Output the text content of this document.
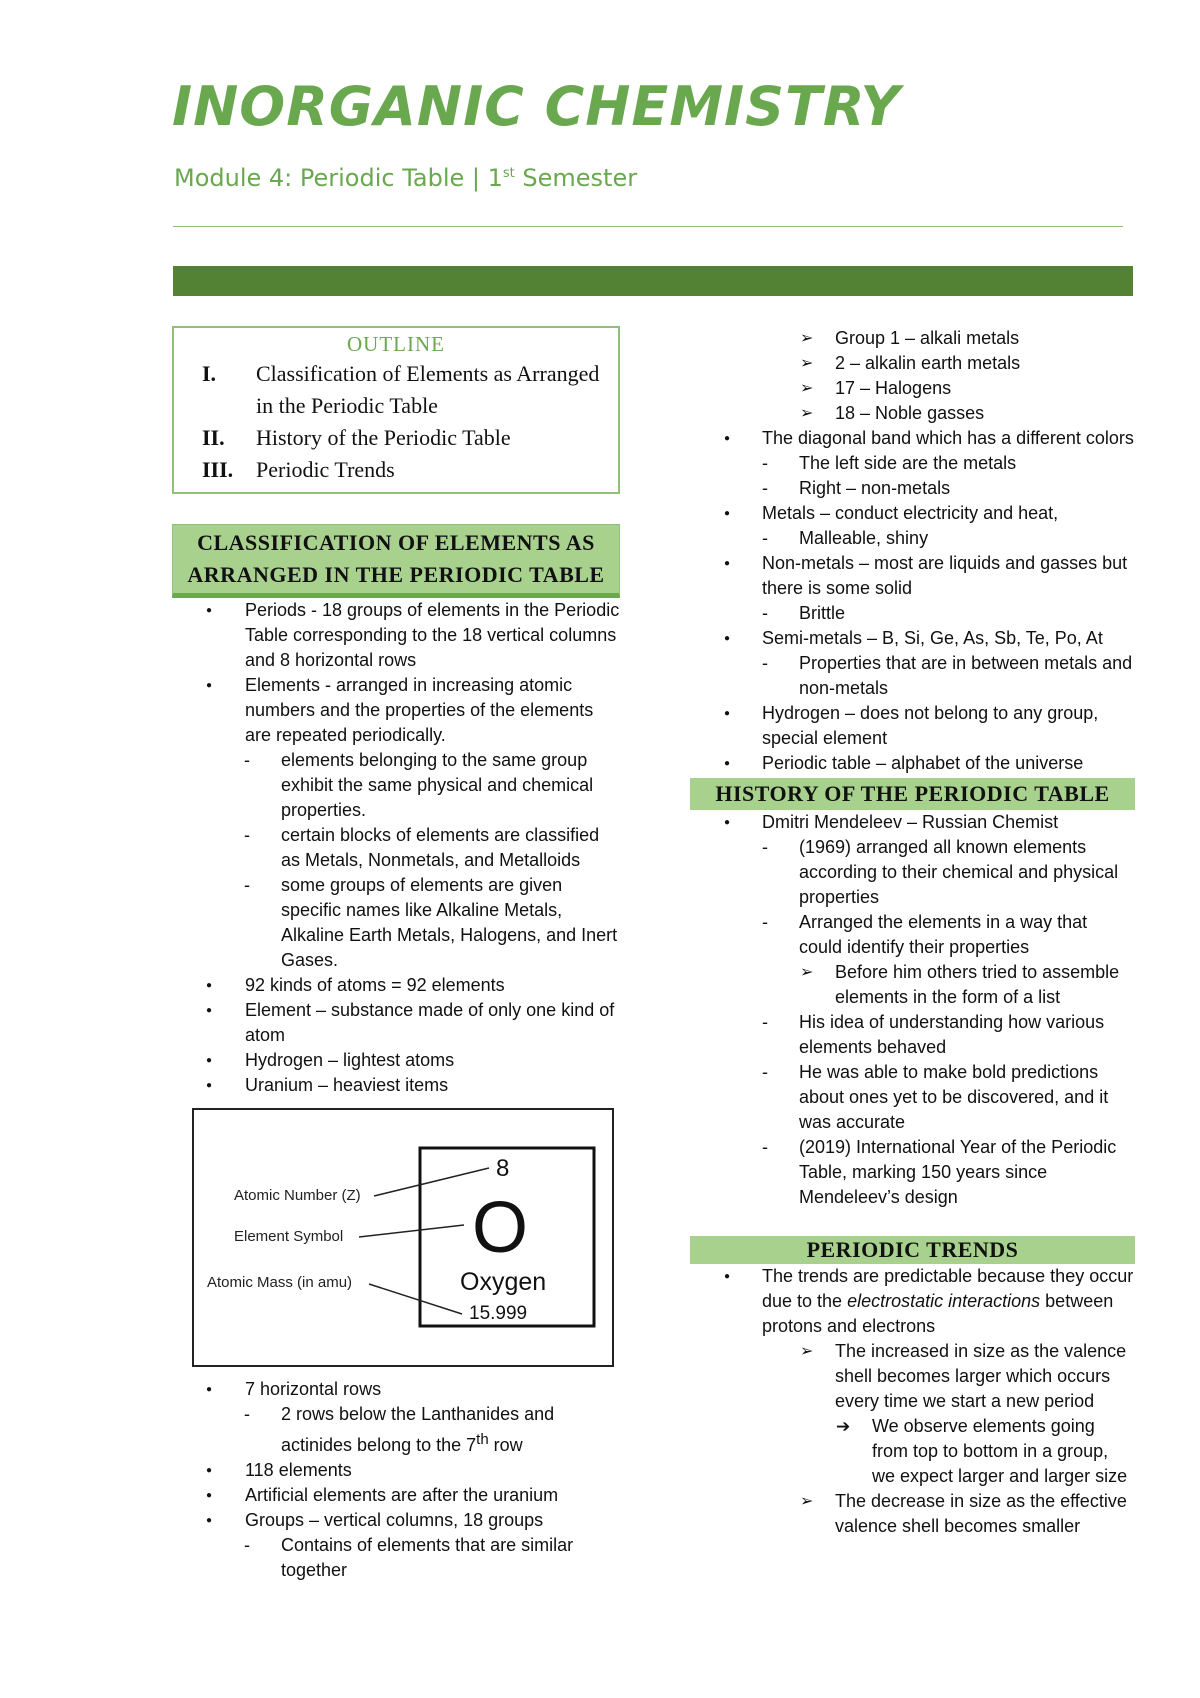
INORGANIC CHEMISTRY
Module 4: Periodic Table | 1st Semester
OUTLINE
I.	Classification of Elements as Arranged in the Periodic Table
II.	History of the Periodic Table
III.	Periodic Trends
CLASSIFICATION OF ELEMENTS AS ARRANGED IN THE PERIODIC TABLE
● Periods - 18 groups of elements in the Periodic Table corresponding to the 18 vertical columns and 8 horizontal rows
● Elements - arranged in increasing atomic numbers and the properties of the elements are repeated periodically.
- elements belonging to the same group exhibit the same physical and chemical properties.
- certain blocks of elements are classified as Metals, Nonmetals, and Metalloids
- some groups of elements are given specific names like Alkaline Metals, Alkaline Earth Metals, Halogens, and Inert Gases.
● 92 kinds of atoms = 92 elements
● Element – substance made of only one kind of atom
● Hydrogen – lightest atoms
● Uranium – heaviest items
Atomic Number (Z)
Element Symbol
Atomic Mass (in amu)
8
O
Oxygen
15.999
● 7 horizontal rows
- 2 rows below the Lanthanides and actinides belong to the 7th row
● 118 elements
● Artificial elements are after the uranium
● Groups – vertical columns, 18 groups
- Contains of elements that are similar together
➢ Group 1 – alkali metals
➢ 2 – alkalin earth metals
➢ 17 – Halogens
➢ 18 – Noble gasses
● The diagonal band which has a different colors
- The left side are the metals
- Right – non-metals
● Metals – conduct electricity and heat,
- Malleable, shiny
● Non-metals – most are liquids and gasses but there is some solid
- Brittle
● Semi-metals – B, Si, Ge, As, Sb, Te, Po, At
- Properties that are in between metals and non-metals
● Hydrogen – does not belong to any group, special element
● Periodic table – alphabet of the universe
HISTORY OF THE PERIODIC TABLE
● Dmitri Mendeleev – Russian Chemist
- (1969) arranged all known elements according to their chemical and physical properties
- Arranged the elements in a way that could identify their properties
➢ Before him others tried to assemble elements in the form of a list
- His idea of understanding how various elements behaved
- He was able to make bold predictions about ones yet to be discovered, and it was accurate
- (2019) International Year of the Periodic Table, marking 150 years since Mendeleev’s design
PERIODIC TRENDS
● The trends are predictable because they occur due to the electrostatic interactions between protons and electrons
➢ The increased in size as the valence shell becomes larger which occurs every time we start a new period
➔ We observe elements going from top to bottom in a group, we expect larger and larger size
➢ The decrease in size as the effective valence shell becomes smaller
